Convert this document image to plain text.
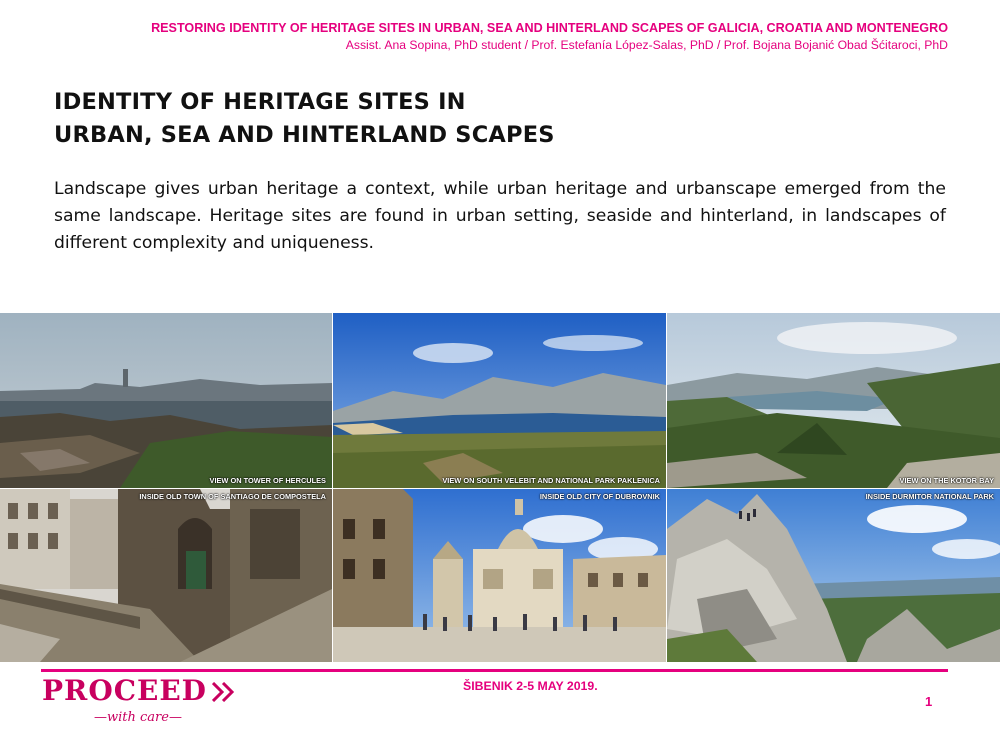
RESTORING IDENTITY OF HERITAGE SITES IN URBAN, SEA AND HINTERLAND SCAPES OF GALICIA, CROATIA AND MONTENEGRO
Assist. Ana Sopina, PhD student / Prof. Estefanía López-Salas, PhD / Prof. Bojana Bojanić Obad Šćitaroci, PhD
IDENTITY OF HERITAGE SITES IN
URBAN, SEA AND HINTERLAND SCAPES

Landscape gives urban heritage a context, while urban heritage and urbanscape emerged from the same landscape. Heritage sites are found in urban setting, seaside and hinterland, in landscapes of different complexity and uniqueness.

VIEW ON TOWER OF HERCULES	VIEW ON SOUTH VELEBIT AND NATIONAL PARK PAKLENICA	VIEW ON THE KOTOR BAY
INSIDE OLD TOWN OF SANTIAGO DE COMPOSTELA	INSIDE OLD CITY OF DUBROVNIK	INSIDE DURMITOR NATIONAL PARK
PROCEED
—with care—
ŠIBENIK 2-5 MAY 2019.
1
